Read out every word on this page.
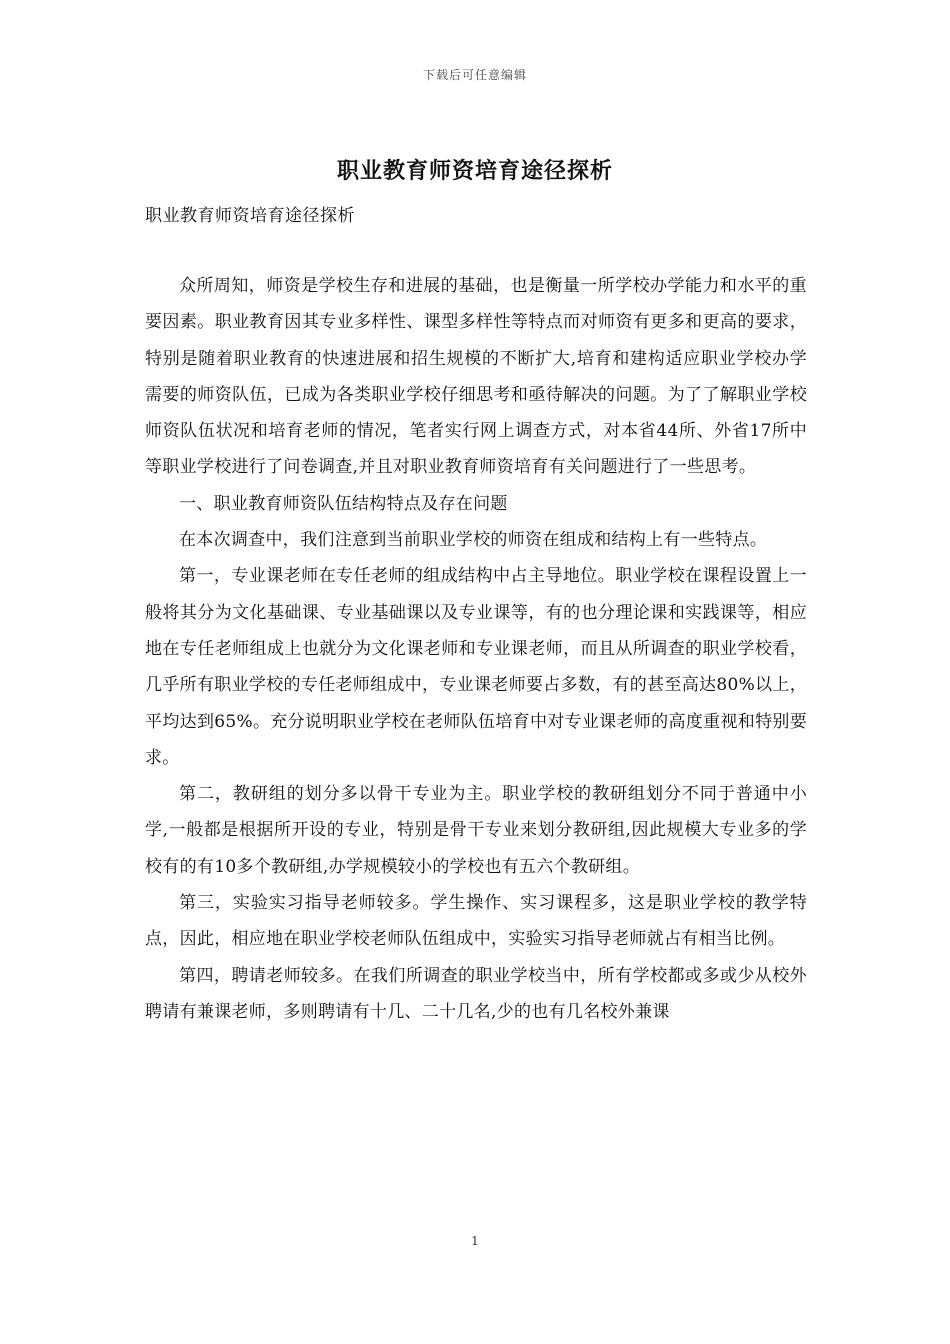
下载后可任意编辑
职业教育师资培育途径探析
职业教育师资培育途径探析

众所周知，师资是学校生存和进展的基础，也是衡量一所学校办学能力和水平的重要因素。职业教育因其专业多样性、课型多样性等特点而对师资有更多和更高的要求，特别是随着职业教育的快速进展和招生规模的不断扩大,培育和建构适应职业学校办学需要的师资队伍，已成为各类职业学校仔细思考和亟待解决的问题。为了了解职业学校师资队伍状况和培育老师的情况，笔者实行网上调查方式，对本省44所、外省17所中等职业学校进行了问卷调查,并且对职业教育师资培育有关问题进行了一些思考。

一、职业教育师资队伍结构特点及存在问题

在本次调查中，我们注意到当前职业学校的师资在组成和结构上有一些特点。

第一，专业课老师在专任老师的组成结构中占主导地位。职业学校在课程设置上一般将其分为文化基础课、专业基础课以及专业课等，有的也分理论课和实践课等，相应地在专任老师组成上也就分为文化课老师和专业课老师，而且从所调查的职业学校看，几乎所有职业学校的专任老师组成中，专业课老师要占多数，有的甚至高达80%以上，平均达到65%。充分说明职业学校在老师队伍培育中对专业课老师的高度重视和特别要求。

第二，教研组的划分多以骨干专业为主。职业学校的教研组划分不同于普通中小学,一般都是根据所开设的专业，特别是骨干专业来划分教研组,因此规模大专业多的学校有的有10多个教研组,办学规模较小的学校也有五六个教研组。

第三，实验实习指导老师较多。学生操作、实习课程多，这是职业学校的教学特点，因此，相应地在职业学校老师队伍组成中，实验实习指导老师就占有相当比例。

第四，聘请老师较多。在我们所调查的职业学校当中，所有学校都或多或少从校外聘请有兼课老师，多则聘请有十几、二十几名,少的也有几名校外兼课

1
